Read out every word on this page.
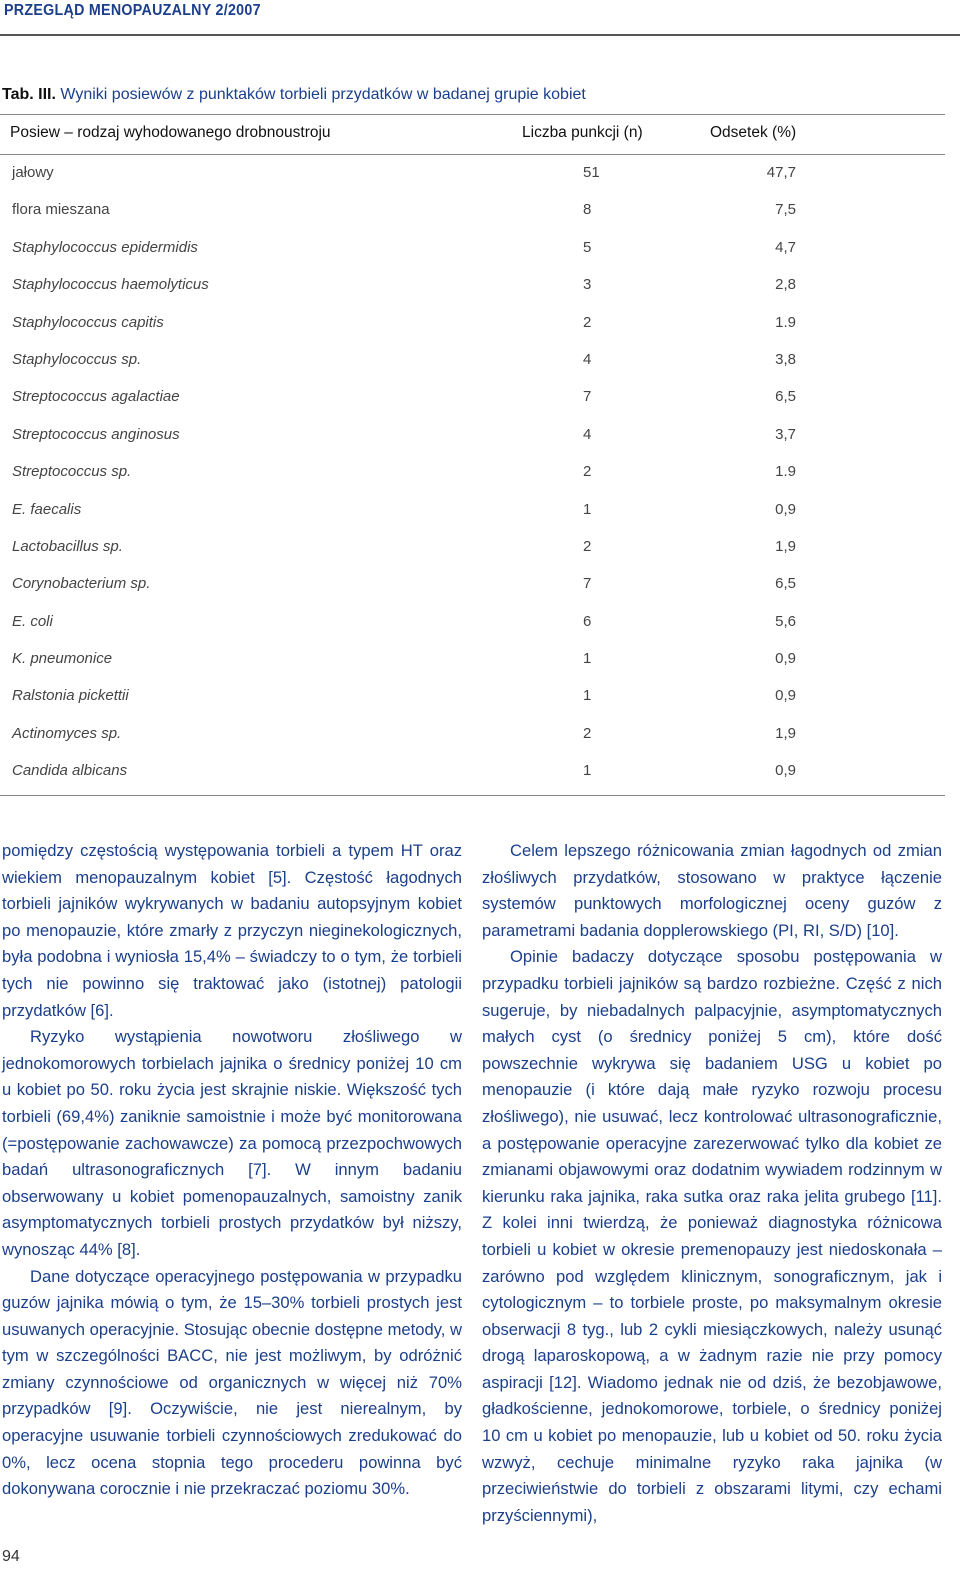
PRZEGLĄD MENOPAUZALNY 2/2007
Tab. III. Wyniki posiewów z punktaków torbieli przydatków w badanej grupie kobiet
Posiew – rodzaj wyhodowanego drobnoustroju	Liczba punkcji (n)	Odsetek (%)
jałowy	51	47,7
flora mieszana	8	7,5
Staphylococcus epidermidis	5	4,7
Staphylococcus haemolyticus	3	2,8
Staphylococcus capitis	2	1.9
Staphylococcus sp.	4	3,8
Streptococcus agalactiae	7	6,5
Streptococcus anginosus	4	3,7
Streptococcus sp.	2	1.9
E. faecalis	1	0,9
Lactobacillus sp.	2	1,9
Corynobacterium sp.	7	6,5
E. coli	6	5,6
K. pneumonice	1	0,9
Ralstonia pickettii	1	0,9
Actinomyces sp.	2	1,9
Candida albicans	1	0,9

pomiędzy częstością występowania torbieli a typem HT oraz wiekiem menopauzalnym kobiet [5]. Częstość łagodnych torbieli jajników wykrywanych w badaniu autopsyjnym kobiet po menopauzie, które zmarły z przyczyn nieginekologicznych, była podobna i wyniosła 15,4% – świadczy to o tym, że torbieli tych nie powinno się traktować jako (istotnej) patologii przydatków [6].

Ryzyko wystąpienia nowotworu złośliwego w jednokomorowych torbielach jajnika o średnicy poniżej 10 cm u kobiet po 50. roku życia jest skrajnie niskie. Większość tych torbieli (69,4%) zaniknie samoistnie i może być monitorowana (=postępowanie zachowawcze) za pomocą przezpochwowych badań ultrasonograficznych [7]. W innym badaniu obserwowany u kobiet pomenopauzalnych, samoistny zanik asymptomatycznych torbieli prostych przydatków był niższy, wynosząc 44% [8].

Dane dotyczące operacyjnego postępowania w przypadku guzów jajnika mówią o tym, że 15–30% torbieli prostych jest usuwanych operacyjnie. Stosując obecnie dostępne metody, w tym w szczególności BACC, nie jest możliwym, by odróżnić zmiany czynnościowe od organicznych w więcej niż 70% przypadków [9]. Oczywiście, nie jest nierealnym, by operacyjne usuwanie torbieli czynnościowych zredukować do 0%, lecz ocena stopnia tego procederu powinna być dokonywana corocznie i nie przekraczać poziomu 30%.

Celem lepszego różnicowania zmian łagodnych od zmian złośliwych przydatków, stosowano w praktyce łączenie systemów punktowych morfologicznej oceny guzów z parametrami badania dopplerowskiego (PI, RI, S/D) [10].

Opinie badaczy dotyczące sposobu postępowania w przypadku torbieli jajników są bardzo rozbieżne. Część z nich sugeruje, by niebadalnych palpacyjnie, asymptomatycznych małych cyst (o średnicy poniżej 5 cm), które dość powszechnie wykrywa się badaniem USG u kobiet po menopauzie (i które dają małe ryzyko rozwoju procesu złośliwego), nie usuwać, lecz kontrolować ultrasonograficznie, a postępowanie operacyjne zarezerwować tylko dla kobiet ze zmianami objawowymi oraz dodatnim wywiadem rodzinnym w kierunku raka jajnika, raka sutka oraz raka jelita grubego [11]. Z kolei inni twierdzą, że ponieważ diagnostyka różnicowa torbieli u kobiet w okresie premenopauzy jest niedoskonała – zarówno pod względem klinicznym, sonograficznym, jak i cytologicznym – to torbiele proste, po maksymalnym okresie obserwacji 8 tyg., lub 2 cykli miesiączkowych, należy usunąć drogą laparoskopową, a w żadnym razie nie przy pomocy aspiracji [12]. Wiadomo jednak nie od dziś, że bezobjawowe, gładkościenne, jednokomorowe, torbiele, o średnicy poniżej 10 cm u kobiet po menopauzie, lub u kobiet od 50. roku życia wzwyż, cechuje minimalne ryzyko raka jajnika (w przeciwieństwie do torbieli z obszarami litymi, czy echami przyściennymi),

94
